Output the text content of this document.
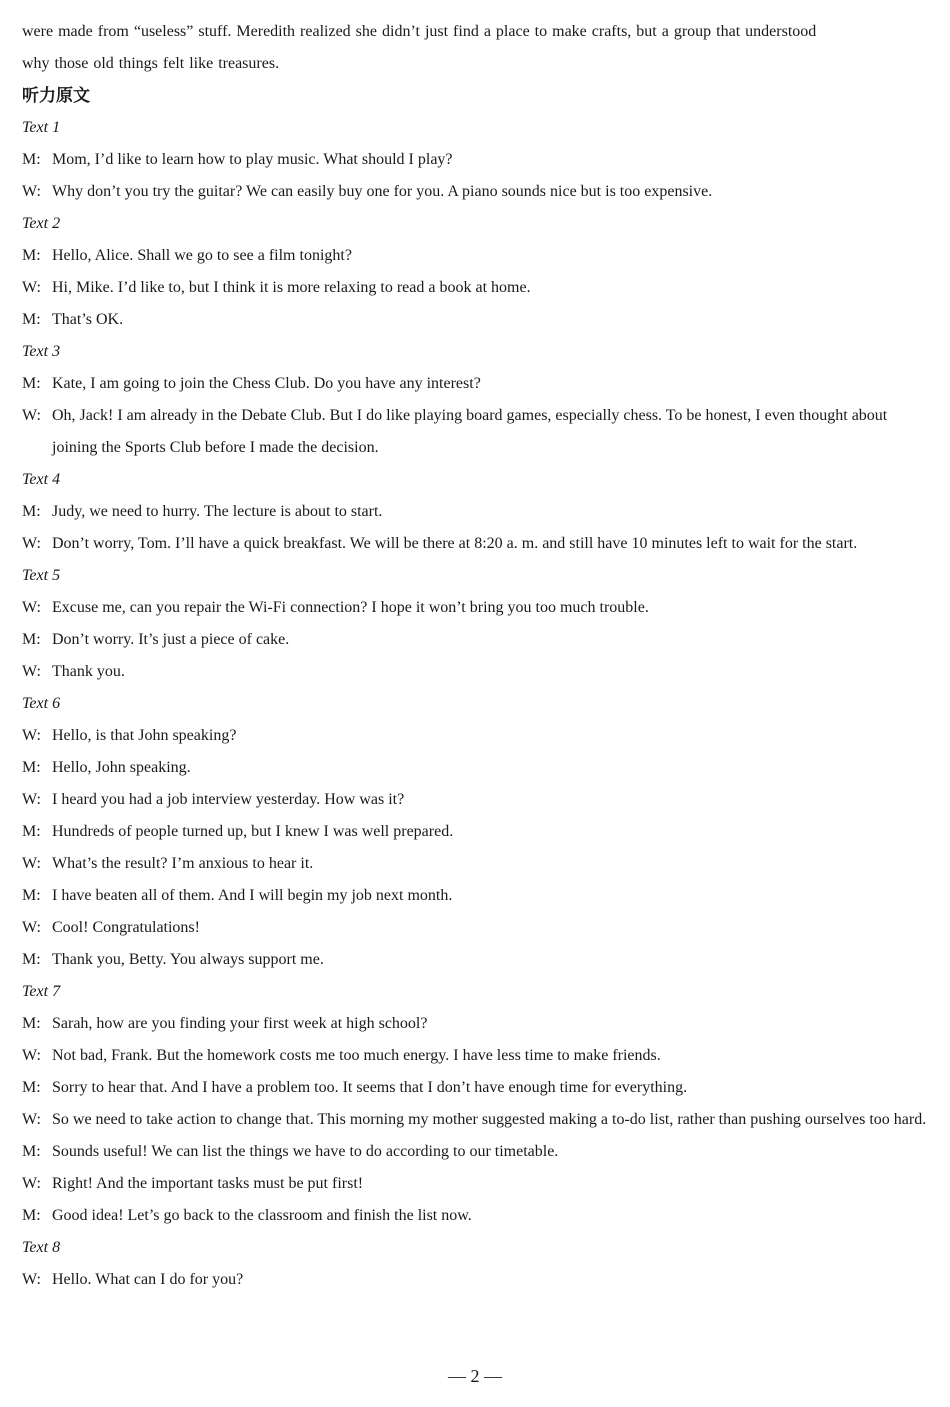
were made from “useless” stuff. Meredith realized she didn’t just find a place to make crafts, but a group that understood

why those old things felt like treasures.

听力原文
Text 1

M: Mom, I’d like to learn how to play music. What should I play?

W: Why don’t you try the guitar? We can easily buy one for you. A piano sounds nice but is too expensive.

Text 2

M: Hello, Alice. Shall we go to see a film tonight?

W: Hi, Mike. I’d like to, but I think it is more relaxing to read a book at home.

M: That’s OK.

Text 3

M: Kate, I am going to join the Chess Club. Do you have any interest?

W: Oh, Jack! I am already in the Debate Club. But I do like playing board games, especially chess. To be honest, I even thought about joining the Sports Club before I made the decision.

Text 4

M: Judy, we need to hurry. The lecture is about to start.

W: Don’t worry, Tom. I’ll have a quick breakfast. We will be there at 8:20 a. m. and still have 10 minutes left to wait for the start.

Text 5

W: Excuse me, can you repair the Wi-Fi connection? I hope it won’t bring you too much trouble.

M: Don’t worry. It’s just a piece of cake.

W: Thank you.

Text 6

W: Hello, is that John speaking?

M: Hello, John speaking.

W: I heard you had a job interview yesterday. How was it?

M: Hundreds of people turned up, but I knew I was well prepared.

W: What’s the result? I’m anxious to hear it.

M: I have beaten all of them. And I will begin my job next month.

W: Cool! Congratulations!

M: Thank you, Betty. You always support me.

Text 7

M: Sarah, how are you finding your first week at high school?

W: Not bad, Frank. But the homework costs me too much energy. I have less time to make friends.

M: Sorry to hear that. And I have a problem too. It seems that I don’t have enough time for everything.

W: So we need to take action to change that. This morning my mother suggested making a to-do list, rather than pushing ourselves too hard.

M: Sounds useful! We can list the things we have to do according to our timetable.

W: Right! And the important tasks must be put first!

M: Good idea! Let’s go back to the classroom and finish the list now.

Text 8

W: Hello. What can I do for you?

— 2 —
